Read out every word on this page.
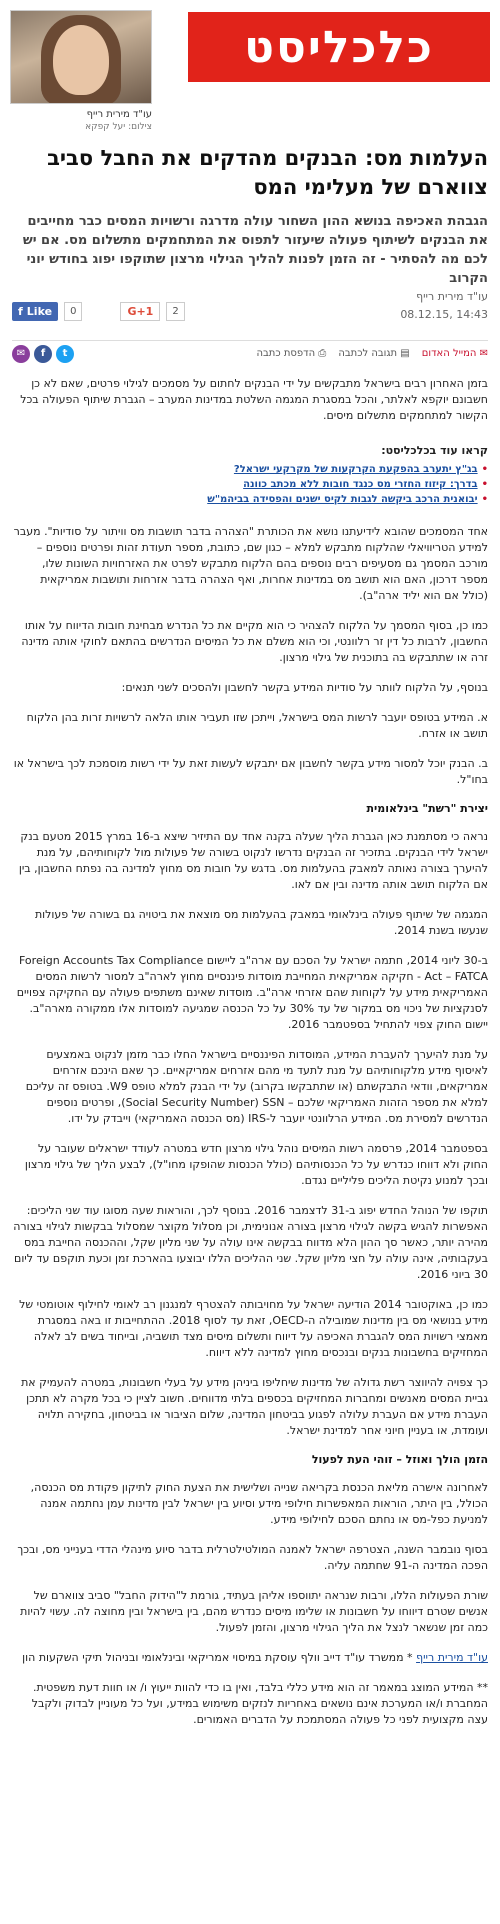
כלכליסט
עו"ד מירית רייף
צילום: יעל קפקא
העלמות מס: הבנקים מהדקים את החבל סביב צווארם של מעלימי המס
הגבהת האכיפה בנושא ההון השחור עולה מדרגה ורשויות המסים כבר מחייבים את הבנקים לשיתוף פעולה שיעזור לתפוס את המתחמקים מתשלום מס. אם יש לכם מה להסתיר - זה הזמן לפנות להליך הגילוי מרצון שתוקפו יפוג בחודש יוני הקרוב
עו"ד מירית רייף
14:43 ,08.12.15
f Like	0	G+1	2
✉ המייל האדום
▤ תגובה לכתבה
⎙ הדפסת כתבה
✉	f	t

בזמן האחרון רבים בישראל מתבקשים על ידי הבנקים לחתום על מסמכים לגילוי פרטים, שאם לא כן חשבונם יוקפא לאלתר, והכל במסגרת המגמה השלטת במדינות המערב – הגברת שיתוף הפעולה בכל הקשור למתחמקים מתשלום מיסים.

קראו עוד בכלכליסט:
• בג"ץ יתערב בהפקעת הקרקעות של מקרקעי ישראל?
• בדרך: קיזוז החזרי מס כנגד חובות ללא מכתב כוונה
• יבואנית הרכב ביקשה לגבות לקיס ישנים והפסידה בביהמ"ש

אחד המסמכים שהובא לידיעתנו נושא את הכותרת "הצהרה בדבר תושבות מס וויתור על סודיות". מעבר למידע הטריוויאלי שהלקוח מתבקש למלא – כגון שם, כתובת, מספר תעודת זהות ופרטים נוספים – מורכב המסמך גם מסעיפים רבים נוספים בהם הלקוח מתבקש לפרט את האזרחויות השונות שלו, מספר דרכון, האם הוא תושב מס במדינות אחרות, ואף הצהרה בדבר אזרחות ותושבות אמריקאית (כולל אם הוא יליד ארה"ב).

כמו כן, בסוף המסמך על הלקוח להצהיר כי הוא מקיים את כל הנדרש מבחינת חובות הדיווח על אותו החשבון, לרבות כל דין זר רלוונטי, וכי הוא משלם את כל המיסים הנדרשים בהתאם לחוקי אותה מדינה זרה או שתתבקש בה בתוכנית של גילוי מרצון.

בנוסף, על הלקוח לוותר על סודיות המידע בקשר לחשבון ולהסכים לשני תנאים:

א. המידע בטופס יועבר לרשות המס בישראל, וייתכן שזו תעביר אותו הלאה לרשויות זרות בהן הלקוח תושב או אזרח.

ב. הבנק יוכל למסור מידע בקשר לחשבון אם יתבקש לעשות זאת על ידי רשות מוסמכת לכך בישראל או בחו"ל.

יצירת "רשת" בינלאומית

נראה כי מסתמנת כאן הגברת הליך שעלה בקנה אחד עם התיזיר שיצא ב-16 במרץ 2015 מטעם בנק ישראל לידי הבנקים. בתזכיר זה הבנקים נדרשו לנקוט בשורה של פעולות מול לקוחותיהם, על מנת להיערך בצורה נאותה למאבק בהעלמות מס. בדגש על חובות מס מחוץ למדינה בה נפתח החשבון, בין אם הלקוח תושב אותה מדינה ובין אם לאו.

המגמה של שיתוף פעולה בינלאומי במאבק בהעלמות מס מוצאת את ביטויה גם בשורה של פעולות שנעשו בשנת 2014.

ב-30 ליוני 2014, חתמה ישראל על הסכם עם ארה"ב ליישום Foreign Accounts Tax Compliance Act – FATCA - חקיקה אמריקאית המחייבת מוסדות פיננסיים מחוץ לארה"ב למסור לרשות המסים האמריקאית מידע על לקוחות שהם אזרחי ארה"ב. מוסדות שאינם משתפים פעולה עם החקיקה צפויים לסנקציות של ניכוי מס במקור של עד 30% על כל הכנסה שמגיעה למוסדות אלו ממקורה מארה"ב. יישום החוק צפוי להתחיל בספטמבר 2016.

על מנת להיערך להעברת המידע, המוסדות הפיננסיים בישראל החלו כבר מזמן לנקוט באמצעים לאיסוף מידע מלקוחותיהם על מנת לתעד מי מהם אזרחים אמריקאיים. כך שאם הינכם אזרחים אמריקאים, וודאי התבקשתם (או שתתבקשו בקרוב) על ידי הבנק למלא טופס W9. בטופס זה עליכם למלא את מספר הזהות האמריקאי שלכם – Social Security Number) SSN), ופרטים נוספים הנדרשים למסירת מס. המידע הרלוונטי יועבר ל-IRS (מס הכנסה האמריקאי) וייבדק על ידו.

בספטמבר 2014, פרסמה רשות המיסים נוהל גילוי מרצון חדש במטרה לעודד ישראלים שעובר על החוק ולא דווחו כנדרש על כל הכנסותיהם (כולל הכנסות שהופקו מחו"ל), לבצע הליך של גילוי מרצון ובכך למנוע נקיטת הליכים פליליים נגדם.

תוקפו של הנוהל החדש יפוג ב-31 לדצמבר 2016. בנוסף לכך, והוראות שעה מסוגו עוד שני הליכים: האפשרות להגיש בקשה לגילוי מרצון בצורה אנונימית, וכן מסלול מקוצר שמסלול בבקשות לגילוי בצורה מהירה יותר, כאשר סך ההון הלא מדווח בבקשה אינו עולה על שני מליון שקל, וההכנסה החייבת במס בעקבותיה, אינה עולה על חצי מליון שקל. שני ההליכים הללו יבוצעו בהארכת זמן וכעת תוקפם עד ליום 30 ביוני 2016.

כמו כן, באוקטובר 2014 הודיעה ישראל על מחויבותה להצטרף למנגנון רב לאומי לחילוף אוטומטי של מידע בנושאי מס בין מדינות שמובילה ה-OECD, זאת עד לסוף 2018. ההתחייבות זו באה במסגרת מאמצי רשויות המס להגברת האכיפה על דיווח ותשלום מיסים מצד תושביה, ובייחוד בשים לב לאלה המחזיקים בחשבונות בנקים ובנכסים מחוץ למדינה ללא דיווח.

כך צפויה להיווצר רשת גדולה של מדינות שיחליפו ביניהן מידע על בעלי חשבונות, במטרה להעמיק את גביית המסים מאנשים ומחברות המחזיקים בכספים בלתי מדווחים. חשוב לציין כי בכל מקרה לא תתכן העברת מידע אם העברת עלולה לפגוע בביטחון המדינה, שלום הציבור או בביטחון, בחקירה תלויה ועומדת, או בעניין חיוני אחר למדינת ישראל.

הזמן הולך ואוזל – זוהי העת לפעול

לאחרונה אישרה מליאת הכנסת בקריאה שנייה ושלישית את הצעת החוק לתיקון פקודת מס הכנסה, הכולל, בין היתר, הוראות המאפשרות חילופי מידע וסיוע בין ישראל לבין מדינות עמן נחתמה אמנה למניעת כפל-מס או נחתם הסכם לחילופי מידע.

בסוף נובמבר השנה, הצטרפה ישראל לאמנה המולטילטרלית בדבר סיוע מינהלי הדדי בענייני מס, ובכך הפכה המדינה ה-91 שחתמה עליה.

שורת הפעולות הללו, ורבות שנראה יתווספו אליהן בעתיד, גורמת ל"הידוק החבל" סביב צווארם של אנשים שטרם דיווחו על חשבונות או שלימו מיסים כנדרש מהם, בין בישראל ובין מחוצה לה. עשוי להיות כמה זמן שנשאר לנצל את הליך הגילוי מרצון, והזמן לפעול.

עו"ד מירית רייף * ממשרד עו"ד דייב וולף עוסקת במיסוי אמריקאי ובינלאומי ובניהול תיקי השקעות הון

** המידע המוצג במאמר זה הוא מידע כללי בלבד, ואין בו כדי להוות ייעוץ ו/ או חוות דעת משפטית. המחברת ו/או המערכת אינם נושאים באחריות לנזקים משימוש במידע, ועל כל מעוניין לבדוק ולקבל עצה מקצועית לפני כל פעולה המסתמכת על הדברים האמורים.
